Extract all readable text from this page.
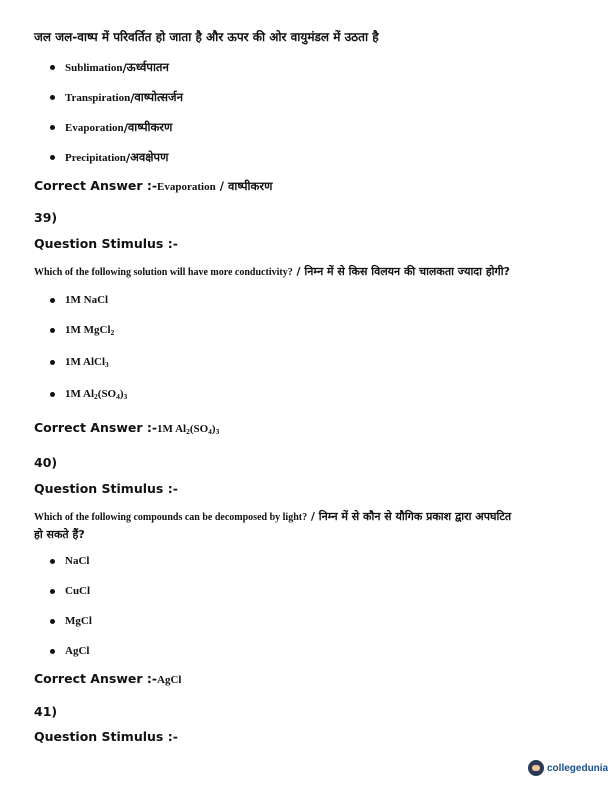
जल जल-वाष्प में परिवर्तित हो जाता है और ऊपर की ओर वायुमंडल में उठता है
Sublimation / ऊर्ध्वपातन
Transpiration / वाष्पोत्सर्जन
Evaporation / वाष्पीकरण
Precipitation / अवक्षेपण
Correct Answer :-Evaporation / वाष्पीकरण
39)
Question Stimulus :-
Which of the following solution will have more conductivity? / निम्न में से किस विलयन की चालकता ज्यादा होगी?
1M NaCl
1M MgCl$_2$
1M AlCl$_3$
1M $Al_2(SO_4)_3$
Correct Answer :-1M $Al_2(SO_4)_3$
40)
Question Stimulus :-
Which of the following compounds can be decomposed by light? / निम्न में से कौन से यौगिक प्रकाश द्वारा अपघटित
हो सकते हैं?
NaCl
CuCl
MgCl
AgCl
Correct Answer :-AgCl
41)
Question Stimulus :-
collegedunia
